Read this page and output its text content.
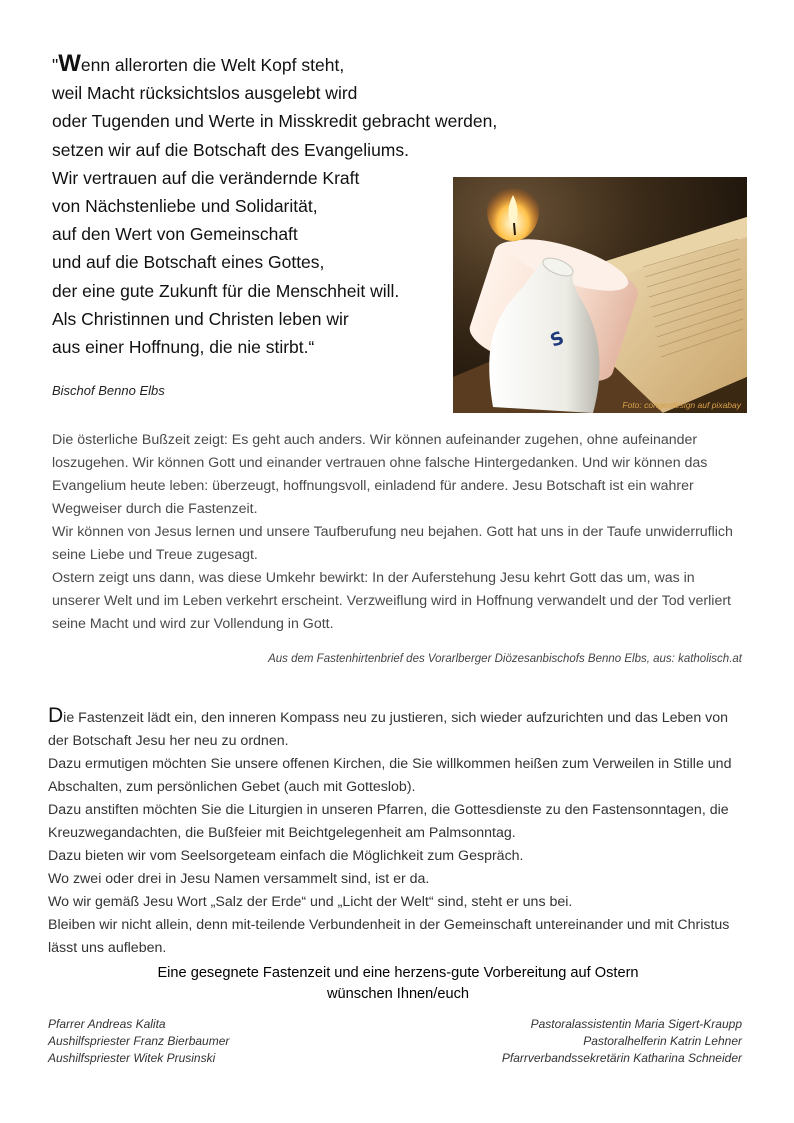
"Wenn allerorten die Welt Kopf steht,
weil Macht rücksichtslos ausgelebt wird
oder Tugenden und Werte in Misskredit gebracht werden,
setzen wir auf die Botschaft des Evangeliums.
Wir vertrauen auf die verändernde Kraft
von Nächstenliebe und Solidarität,
auf den Wert von Gemeinschaft
und auf die Botschaft eines Gottes,
der eine gute Zukunft für die Menschheit will.
Als Christinnen und Christen leben wir
aus einer Hoffnung, die nie stirbt.“
Bischof Benno Elbs
S
Foto: congerdesign auf pixabay

Die österliche Bußzeit zeigt: Es geht auch anders. Wir können aufeinander zugehen, ohne aufeinander loszugehen. Wir können Gott und einander vertrauen ohne falsche Hintergedanken. Und wir können das Evangelium heute leben: überzeugt, hoffnungsvoll, einladend für andere. Jesu Botschaft ist ein wahrer Wegweiser durch die Fastenzeit.

Wir können von Jesus lernen und unsere Taufberufung neu bejahen. Gott hat uns in der Taufe unwiderruflich seine Liebe und Treue zugesagt.

Ostern zeigt uns dann, was diese Umkehr bewirkt: In der Auferstehung Jesu kehrt Gott das um, was in unserer Welt und im Leben verkehrt erscheint. Verzweiflung wird in Hoffnung verwandelt und der Tod verliert seine Macht und wird zur Vollendung in Gott.

Aus dem Fastenhirtenbrief des Vorarlberger Diözesanbischofs Benno Elbs, aus: katholisch.at

Die Fastenzeit lädt ein, den inneren Kompass neu zu justieren, sich wieder aufzurichten und das Leben von der Botschaft Jesu her neu zu ordnen.

Dazu ermutigen möchten Sie unsere offenen Kirchen, die Sie willkommen heißen zum Verweilen in Stille und Abschalten, zum persönlichen Gebet (auch mit Gotteslob).

Dazu anstiften möchten Sie die Liturgien in unseren Pfarren, die Gottesdienste zu den Fastensonntagen, die Kreuzwegandachten, die Bußfeier mit Beichtgelegenheit am Palmsonntag.

Dazu bieten wir vom Seelsorgeteam einfach die Möglichkeit zum Gespräch.

Wo zwei oder drei in Jesu Namen versammelt sind, ist er da.

Wo wir gemäß Jesu Wort „Salz der Erde“ und „Licht der Welt“ sind, steht er uns bei.

Bleiben wir nicht allein, denn mit-teilende Verbundenheit in der Gemeinschaft untereinander und mit Christus lässt uns aufleben.

Eine gesegnete Fastenzeit und eine herzens-gute Vorbereitung auf Ostern
wünschen Ihnen/euch
Pfarrer Andreas Kalita
Aushilfspriester Franz Bierbaumer
Aushilfspriester Witek Prusinski
Pastoralassistentin Maria Sigert-Kraupp
Pastoralhelferin Katrin Lehner
Pfarrverbandssekretärin Katharina Schneider
